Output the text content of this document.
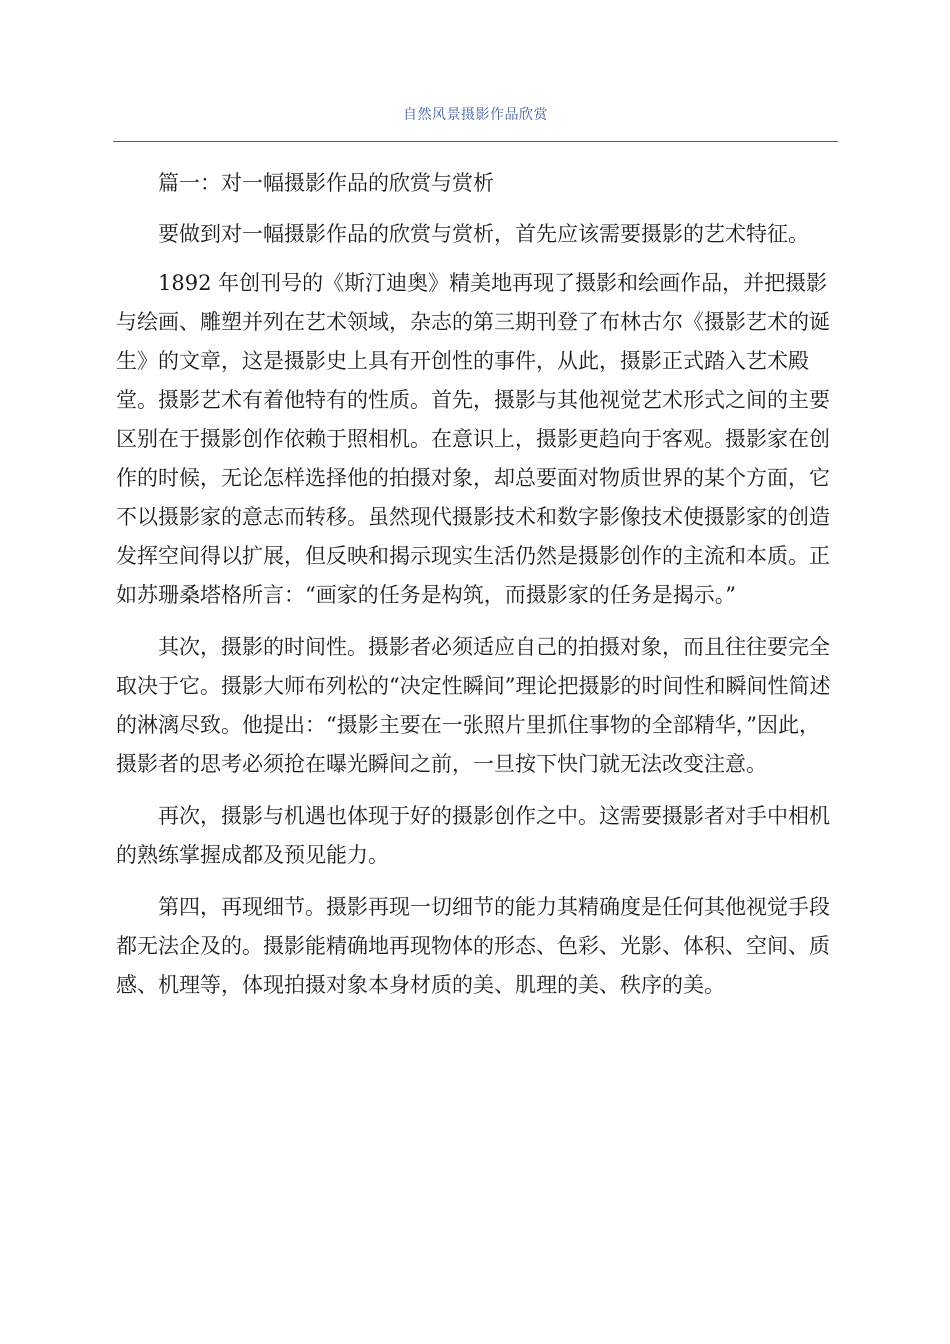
自然风景摄影作品欣赏

篇一：对一幅摄影作品的欣赏与赏析

要做到对一幅摄影作品的欣赏与赏析，首先应该需要摄影的艺术特征。

1892 年创刊号的《斯汀迪奥》精美地再现了摄影和绘画作品，并把摄影与绘画、雕塑并列在艺术领域，杂志的第三期刊登了布林古尔《摄影艺术的诞生》的文章，这是摄影史上具有开创性的事件，从此，摄影正式踏入艺术殿堂。摄影艺术有着他特有的性质。首先，摄影与其他视觉艺术形式之间的主要区别在于摄影创作依赖于照相机。在意识上，摄影更趋向于客观。摄影家在创作的时候，无论怎样选择他的拍摄对象，却总要面对物质世界的某个方面，它不以摄影家的意志而转移。虽然现代摄影技术和数字影像技术使摄影家的创造发挥空间得以扩展，但反映和揭示现实生活仍然是摄影创作的主流和本质。正如苏珊桑塔格所言：“画家的任务是构筑，而摄影家的任务是揭示。”

其次，摄影的时间性。摄影者必须适应自己的拍摄对象，而且往往要完全取决于它。摄影大师布列松的“决定性瞬间”理论把摄影的时间性和瞬间性简述的淋漓尽致。他提出：“摄影主要在一张照片里抓住事物的全部精华，”因此，摄影者的思考必须抢在曝光瞬间之前，一旦按下快门就无法改变注意。

再次，摄影与机遇也体现于好的摄影创作之中。这需要摄影者对手中相机的熟练掌握成都及预见能力。

第四，再现细节。摄影再现一切细节的能力其精确度是任何其他视觉手段都无法企及的。摄影能精确地再现物体的形态、色彩、光影、体积、空间、质感、机理等，体现拍摄对象本身材质的美、肌理的美、秩序的美。
